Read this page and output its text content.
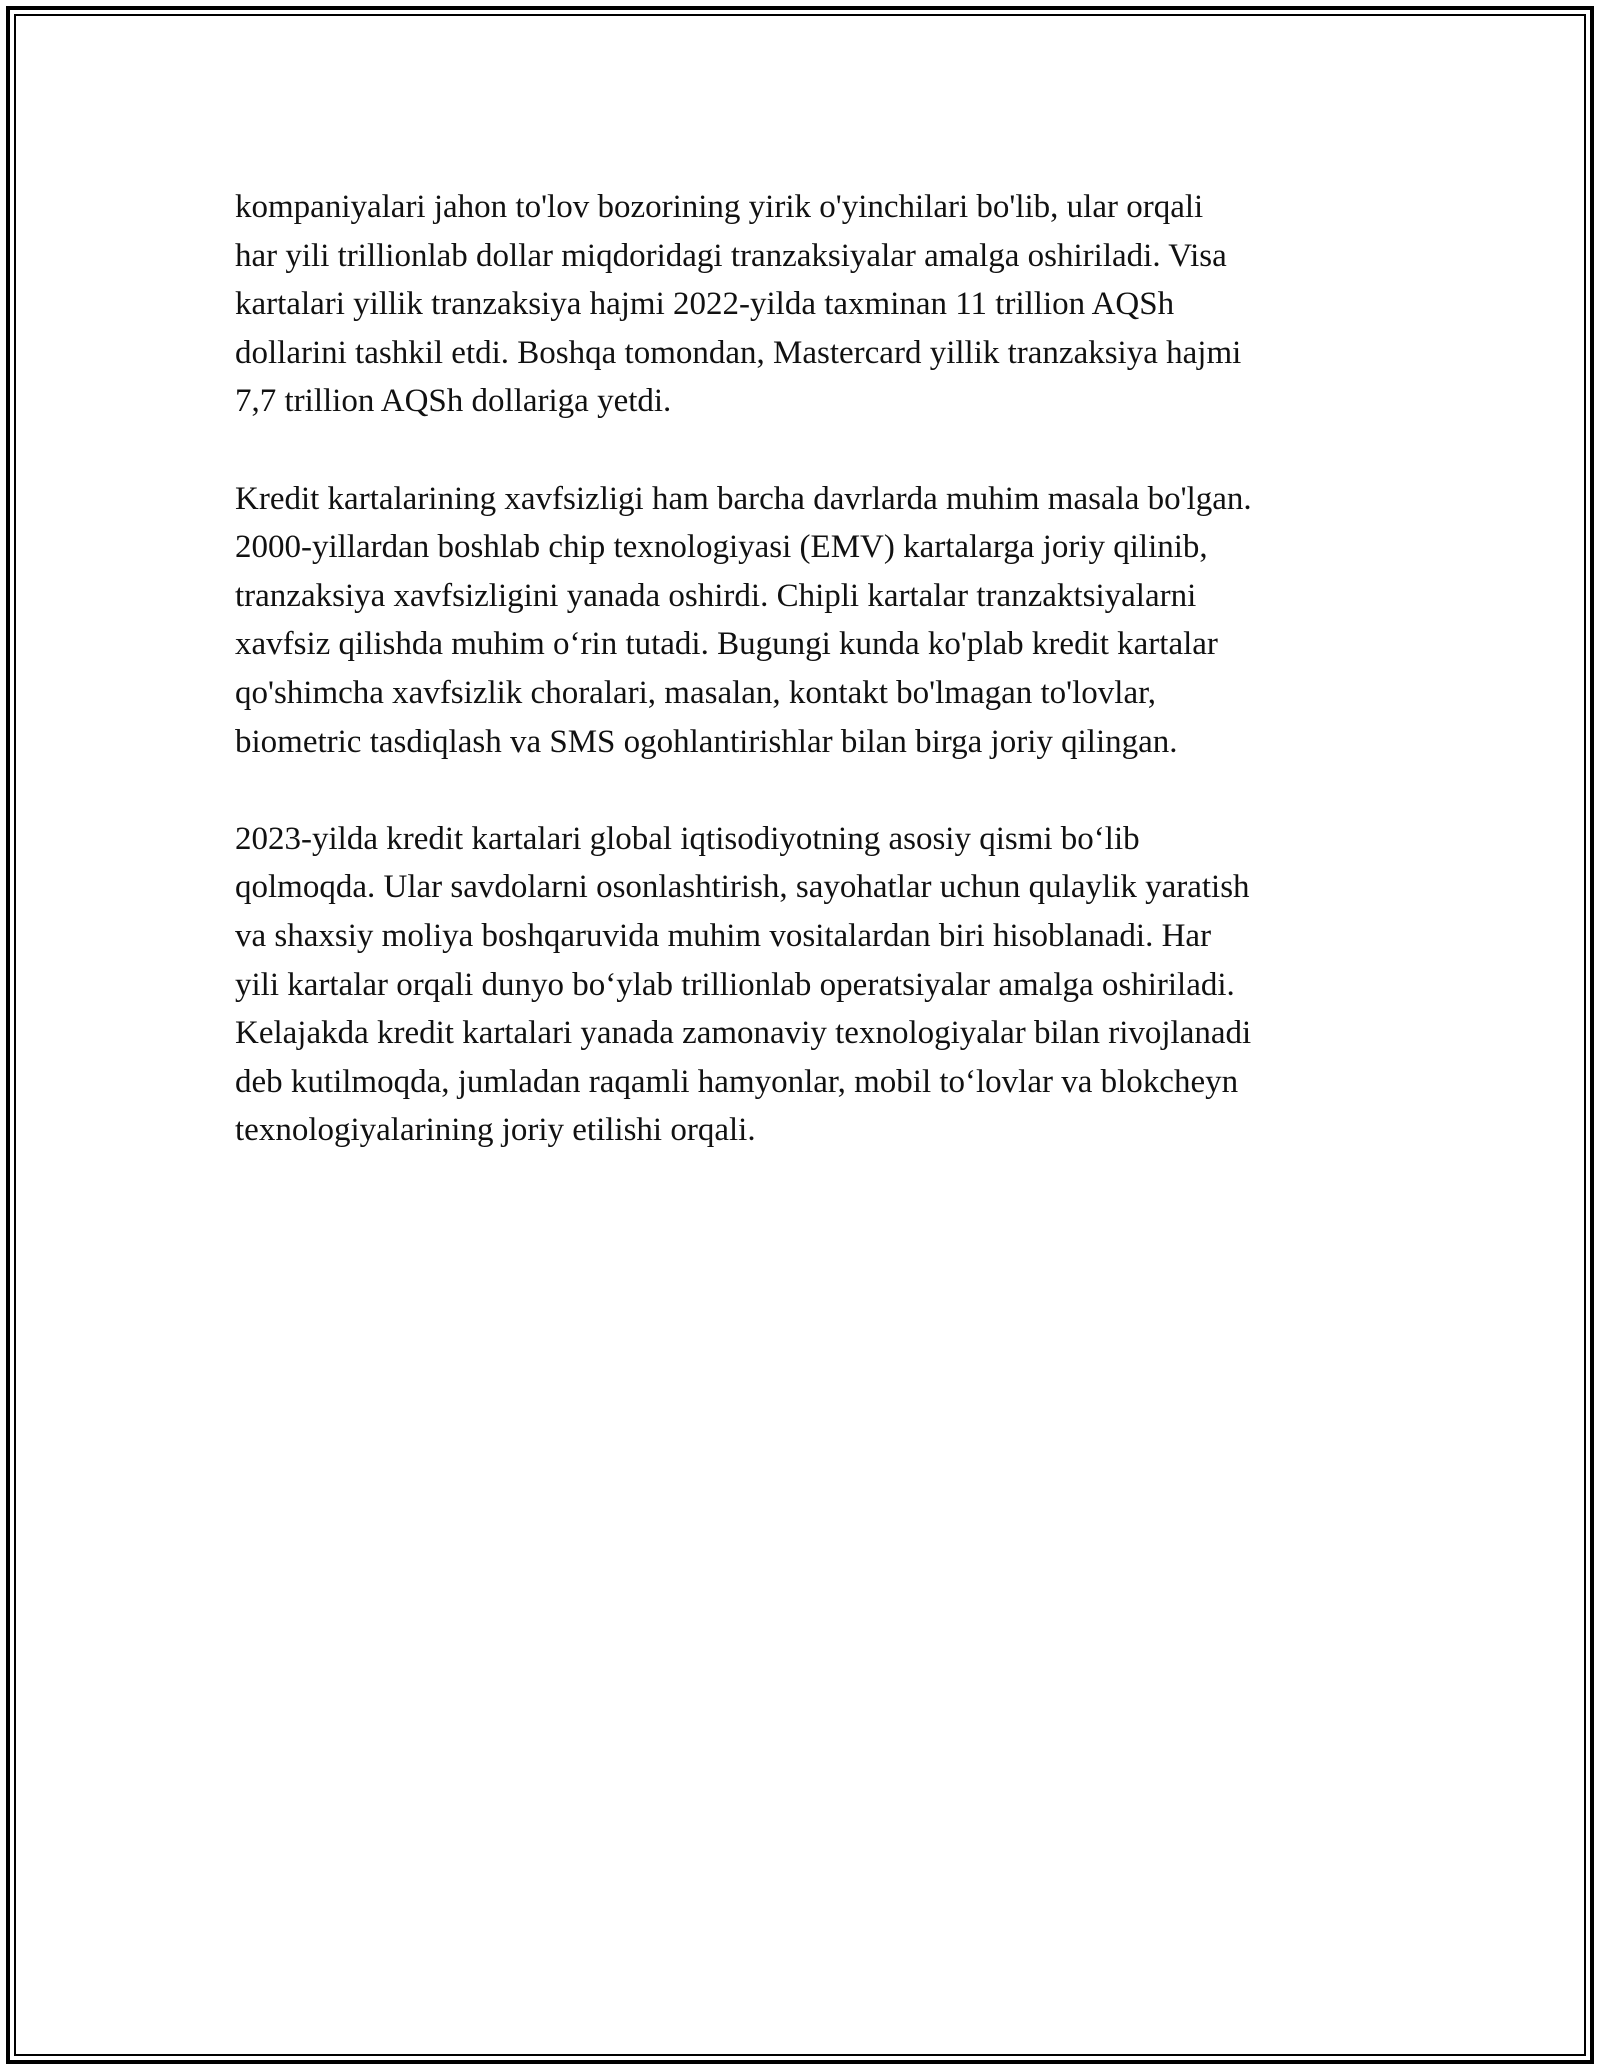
kompaniyalari jahon to'lov bozorining yirik o'yinchilari bo'lib, ular orqali
har yili trillionlab dollar miqdoridagi tranzaksiyalar amalga oshiriladi. Visa
kartalari yillik tranzaksiya hajmi 2022-yilda taxminan 11 trillion AQSh
dollarini tashkil etdi. Boshqa tomondan, Mastercard yillik tranzaksiya hajmi
7,7 trillion AQSh dollariga yetdi.
Kredit kartalarining xavfsizligi ham barcha davrlarda muhim masala bo'lgan.
2000-yillardan boshlab chip texnologiyasi (EMV) kartalarga joriy qilinib,
tranzaksiya xavfsizligini yanada oshirdi. Chipli kartalar tranzaktsiyalarni
xavfsiz qilishda muhim o‘rin tutadi. Bugungi kunda ko'plab kredit kartalar
qo'shimcha xavfsizlik choralari, masalan, kontakt bo'lmagan to'lovlar,
biometric tasdiqlash va SMS ogohlantirishlar bilan birga joriy qilingan.
2023-yilda kredit kartalari global iqtisodiyotning asosiy qismi bo‘lib
qolmoqda. Ular savdolarni osonlashtirish, sayohatlar uchun qulaylik yaratish
va shaxsiy moliya boshqaruvida muhim vositalardan biri hisoblanadi. Har
yili kartalar orqali dunyo bo‘ylab trillionlab operatsiyalar amalga oshiriladi.
Kelajakda kredit kartalari yanada zamonaviy texnologiyalar bilan rivojlanadi
deb kutilmoqda, jumladan raqamli hamyonlar, mobil to‘lovlar va blokcheyn
texnologiyalarining joriy etilishi orqali.
